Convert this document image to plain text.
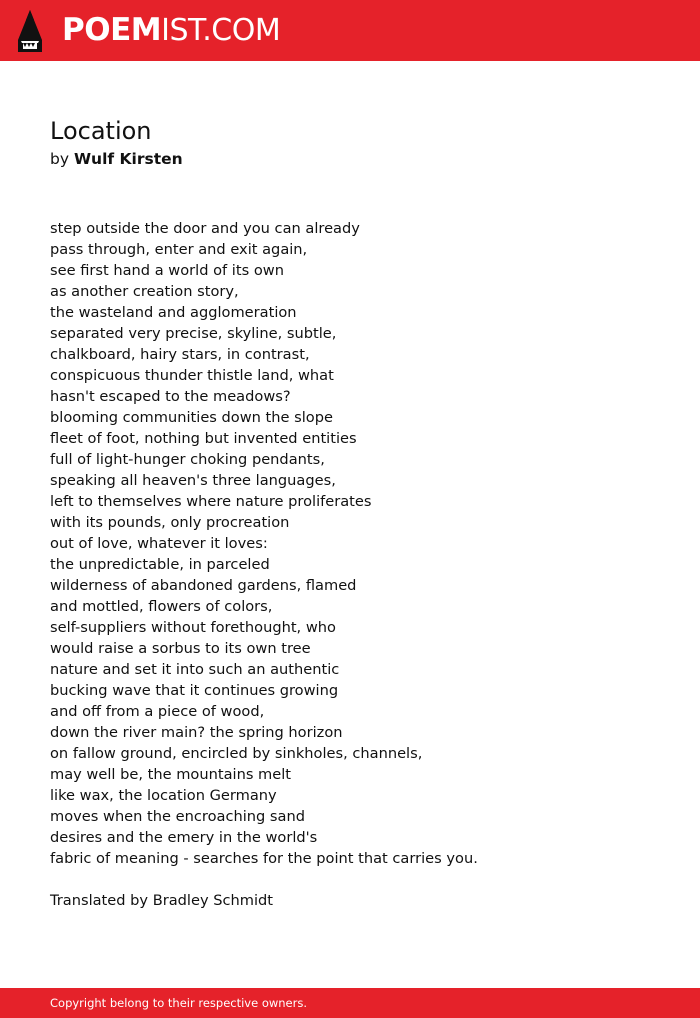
POEMIST.COM
Location
by Wulf Kirsten
step outside the door and you can already
pass through, enter and exit again,
see first hand a world of its own
as another creation story,
the wasteland and agglomeration
separated very precise, skyline, subtle,
chalkboard, hairy stars, in contrast,
conspicuous thunder thistle land, what
hasn't escaped to the meadows?
blooming communities down the slope
fleet of foot, nothing but invented entities
full of light-hunger choking pendants,
speaking all heaven's three languages,
left to themselves where nature proliferates
with its pounds, only procreation
out of love, whatever it loves:
the unpredictable, in parceled
wilderness of abandoned gardens, flamed
and mottled, flowers of colors,
self-suppliers without forethought, who
would raise a sorbus to its own tree
nature and set it into such an authentic
bucking wave that it continues growing
and off from a piece of wood,
down the river main? the spring horizon
on fallow ground, encircled by sinkholes, channels,
may well be, the mountains melt
like wax, the location Germany
moves when the encroaching sand
desires and the emery in the world's
fabric of meaning - searches for the point that carries you.
Translated by Bradley Schmidt
Copyright belong to their respective owners.
